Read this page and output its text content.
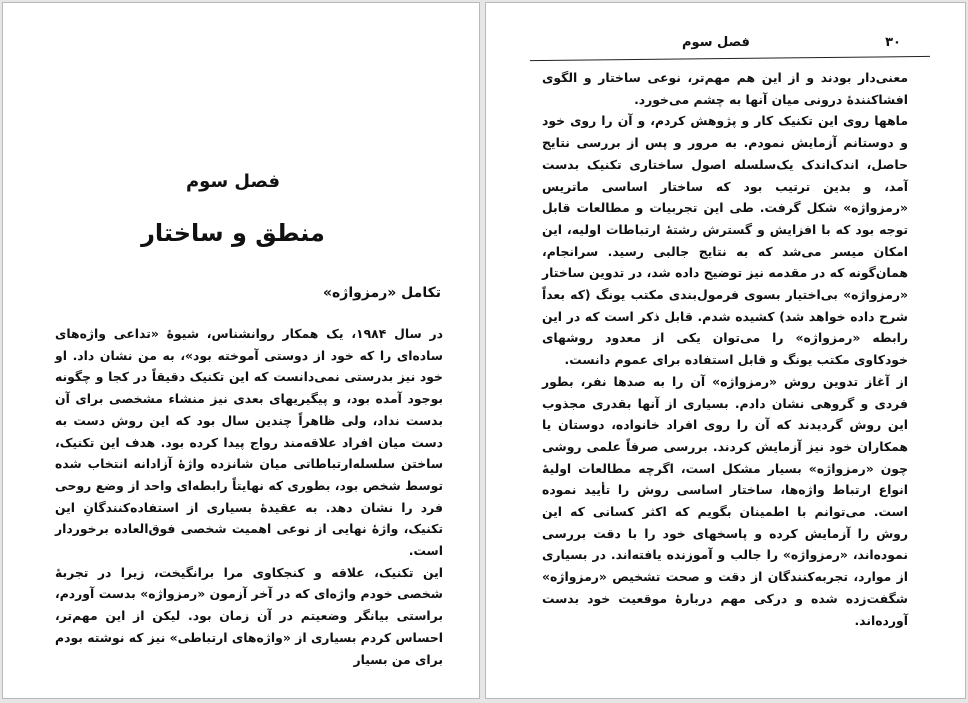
فصل سوم
منطق و ساختار
تکامل «رمزواژه»

در سال ۱۹۸۴، یک همکار روانشناس، شیوهٔ «تداعی واژه‌های ساده‌ای را که خود از دوستی آموخته بود»، به من نشان داد. او خود نیز بدرستی نمی‌دانست که این تکنیک دقیقاً در کجا و چگونه بوجود آمده بود، و پیگیریهای بعدی نیز منشاء مشخصی برای آن بدست نداد، ولی ظاهراً چندین سال بود که این روش دست به دست میان افراد علاقه‌مند رواج پیدا کرده بود. هدف این تکنیک، ساختن سلسله‌ارتباطاتی میان شانزده واژهٔ آزادانه انتخاب شده توسط شخص بود، بطوری که نهایتاً رابطه‌ای واحد از وضع روحی فرد را نشان دهد. به عقیدهٔ بسیاری از استفاده‌کنندگانِ این تکنیک، واژهٔ نهایی از نوعی اهمیت شخصی فوق‌العاده برخوردار است.

این تکنیک، علاقه و کنجکاوی مرا برانگیخت، زیرا در تجربهٔ شخصی خودم واژه‌ای که در آخر آزمون «رمزواژه» بدست آوردم، براستی بیانگر وضعیتم در آن زمان بود. لیکن از این مهم‌تر، احساس کردم بسیاری از «واژه‌های ارتباطی» نیز که نوشته بودم برای من بسیار

۳۰
فصل سوم

معنی‌دار بودند و از این هم مهم‌تر، نوعی ساختار و الگوی افشاکنندهٔ درونی میان آنها به چشم می‌خورد.

ماهها روی این تکنیک کار و پژوهش کردم، و آن را روی خود و دوستانم آزمایش نمودم. به مرور و پس از بررسی نتایج حاصل، اندک‌اندک یک‌سلسله اصول ساختاری تکنیک بدست آمد، و بدین ترتیب بود که ساختار اساسی ماتریس «رمزواژه» شکل گرفت. طی این تجربیات و مطالعات قابل توجه بود که با افزایش و گسترش رشتهٔ ارتباطات اولیه، این امکان میسر می‌شد که به نتایج جالبی رسید. سرانجام، همان‌گونه که در مقدمه نیز توضیح داده شد، در تدوین ساختار «رمزواژه» بی‌اختیار بسوی فرمول‌بندی مکتب یونگ (که بعداً شرح داده خواهد شد) کشیده شدم. قابل ذکر است که در این رابطه «رمزواژه» را می‌توان یکی از معدود روشهای خودکاوی مکتب یونگ و قابل استفاده برای عموم دانست.

از آغاز تدوین روش «رمزواژه» آن را به صدها نفر، بطور فردی و گروهی نشان دادم. بسیاری از آنها بقدری مجذوب این روش گردیدند که آن را روی افراد خانواده، دوستان یا همکاران خود نیز آزمایش کردند. بررسی صرفاً علمی روشی چون «رمزواژه» بسیار مشکل است، اگرچه مطالعات اولیهٔ انواع ارتباط واژه‌ها، ساختار اساسی روش را تأیید نموده است. می‌توانم با اطمینان بگویم که اکثر کسانی که این روش را آزمایش کرده و پاسخهای خود را با دقت بررسی نموده‌اند، «رمزواژه» را جالب و آموزنده یافته‌اند. در بسیاری از موارد، تجربه‌کنندگان از دقت و صحت تشخیص «رمزواژه» شگفت‌زده شده و درکی مهم دربارهٔ موقعیت خود بدست آورده‌اند.
